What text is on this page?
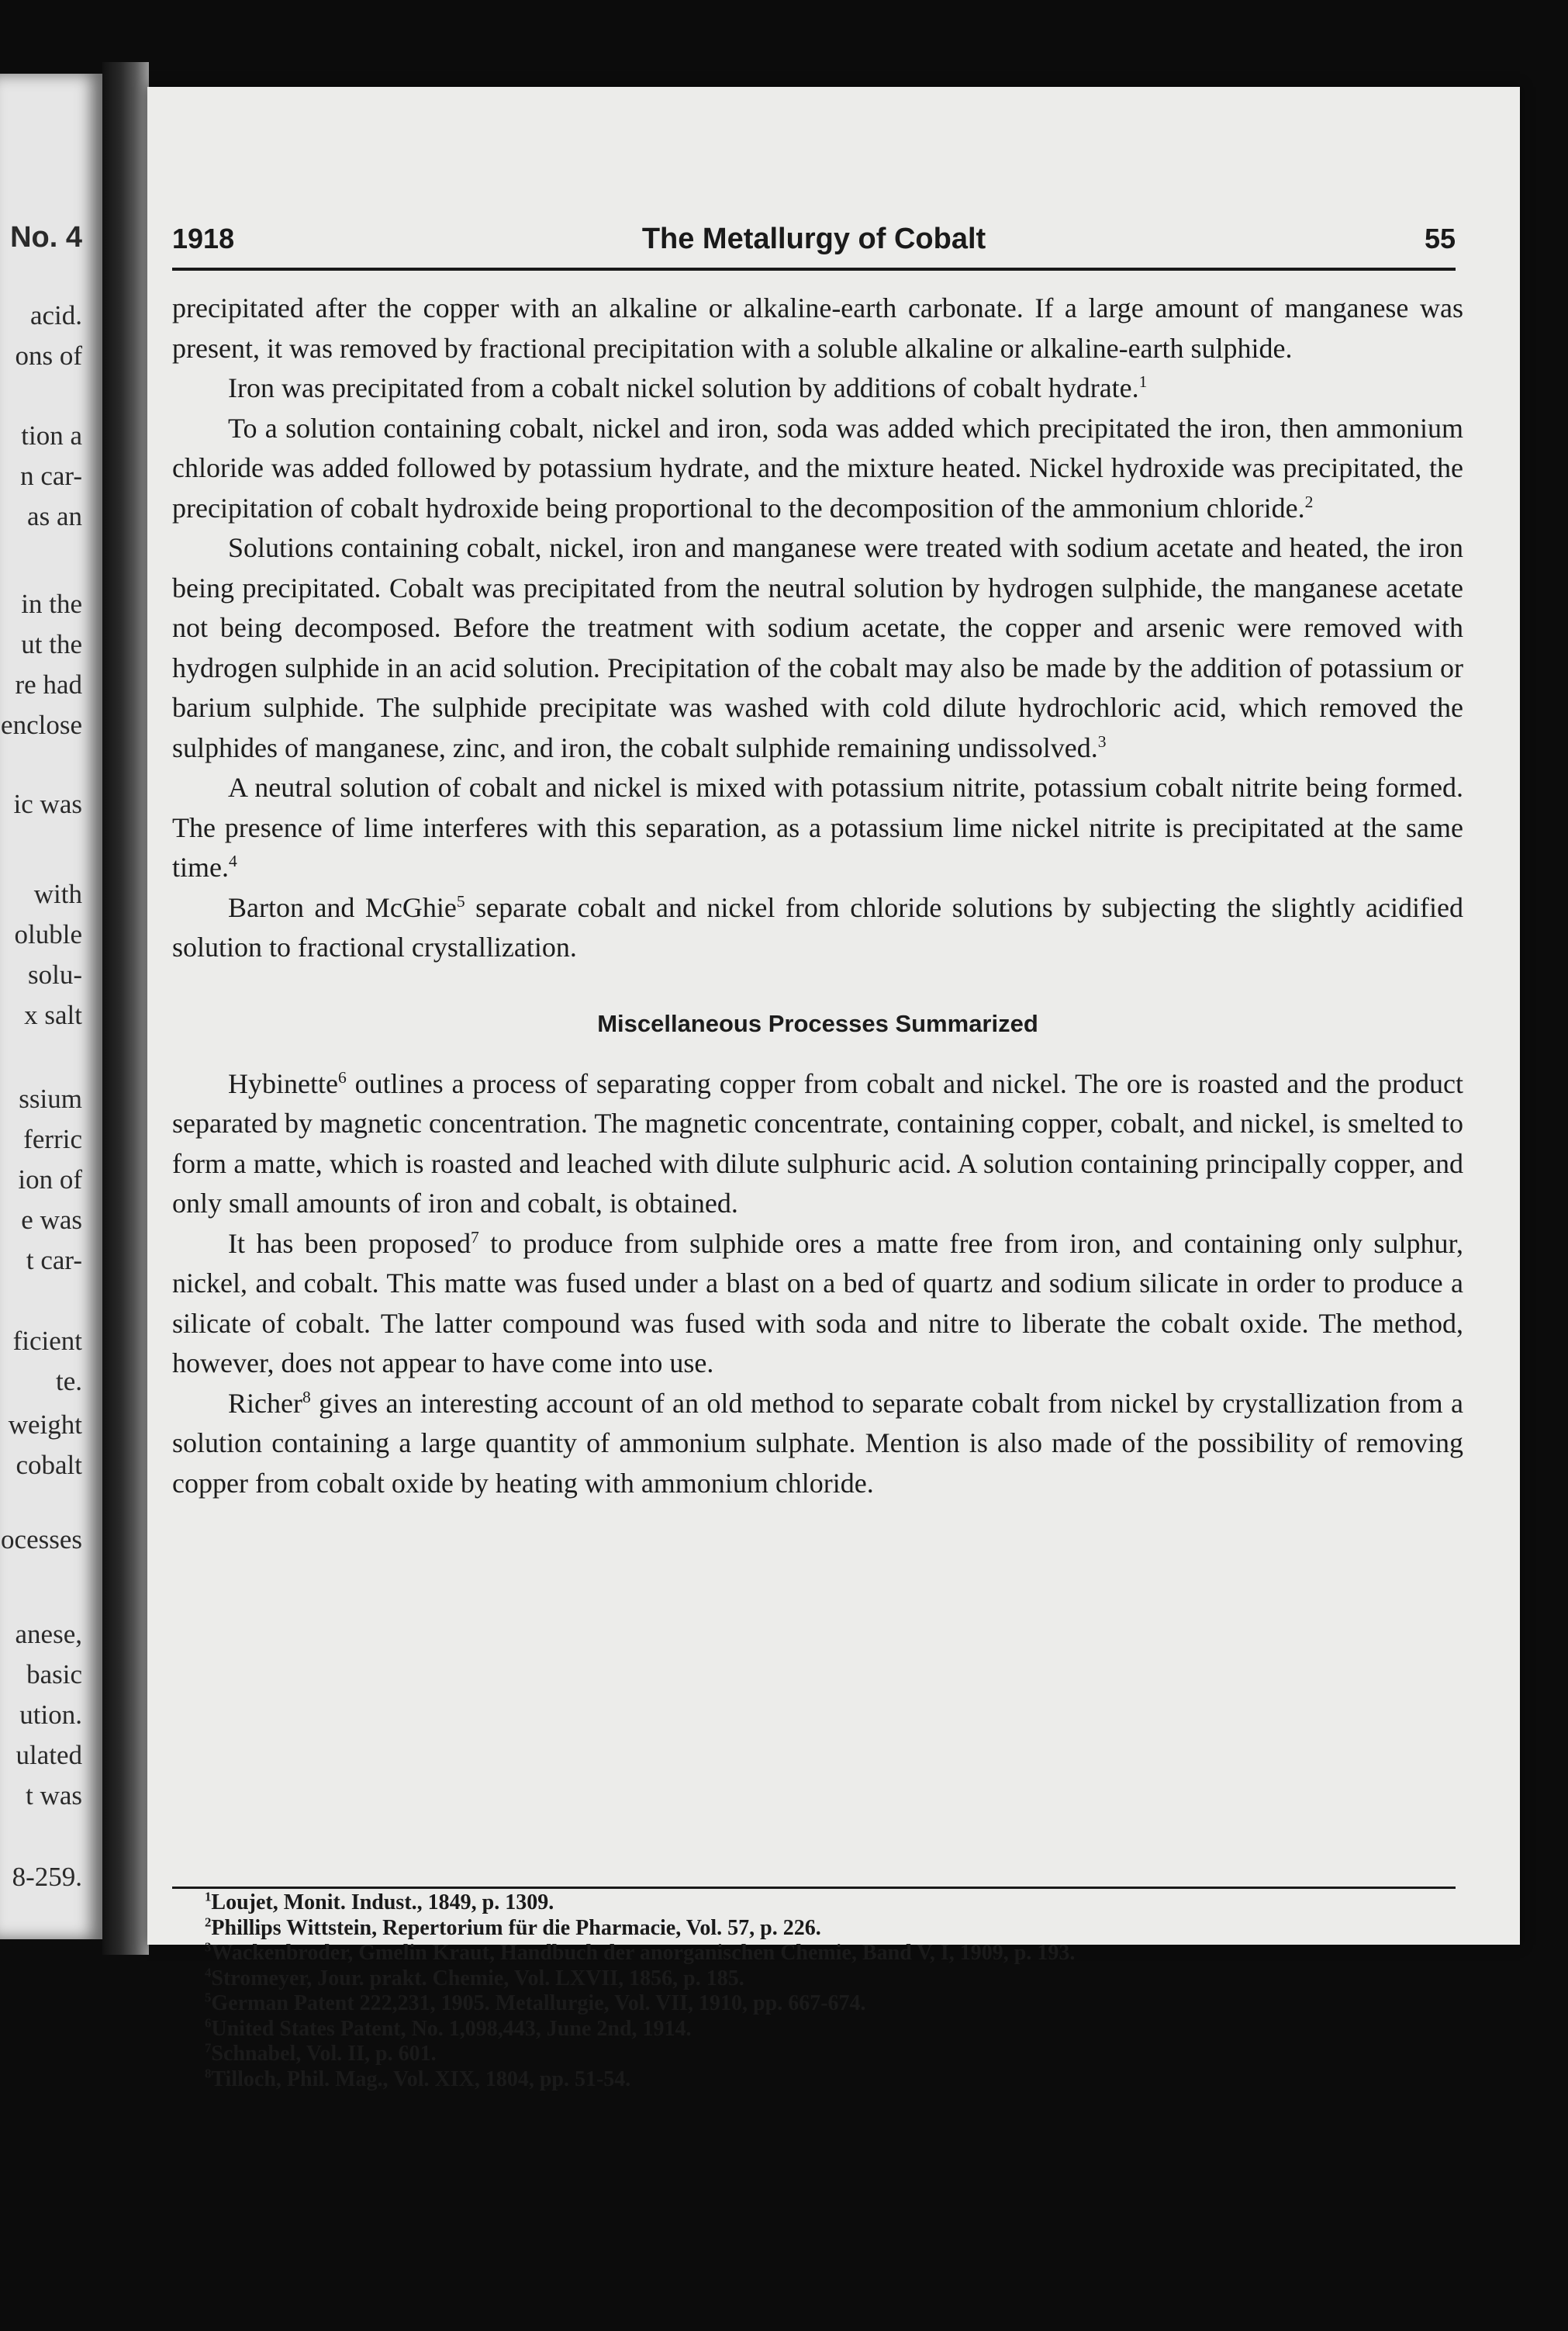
No. 4
acid.
ons of
tion a
n car-
as an
in the
ut the
re had
enclose
ic was
with
oluble
solu-
x salt
ssium
ferric
ion of
e was
t car-
ficient
te.
weight
cobalt
ocesses
anese,
basic
ution.
ulated
t was
8-259.
1918	The Metallurgy of Cobalt	55

precipitated after the copper with an alkaline or alkaline-earth carbonate. If a large amount of manganese was present, it was removed by fractional precipitation with a soluble alkaline or alkaline-earth sulphide.

Iron was precipitated from a cobalt nickel solution by additions of cobalt hydrate.$^1$

To a solution containing cobalt, nickel and iron, soda was added which precipitated the iron, then ammonium chloride was added followed by potassium hydrate, and the mixture heated. Nickel hydroxide was precipitated, the precipitation of cobalt hydroxide being proportional to the decomposition of the ammonium chloride.$^2$

Solutions containing cobalt, nickel, iron and manganese were treated with sodium acetate and heated, the iron being precipitated. Cobalt was precipitated from the neutral solution by hydrogen sulphide, the manganese acetate not being decomposed. Before the treatment with sodium acetate, the copper and arsenic were removed with hydrogen sulphide in an acid solution. Precipitation of the cobalt may also be made by the addition of potassium or barium sulphide. The sulphide precipitate was washed with cold dilute hydrochloric acid, which removed the sulphides of manganese, zinc, and iron, the cobalt sulphide remaining undissolved.$^3$

A neutral solution of cobalt and nickel is mixed with potassium nitrite, potassium cobalt nitrite being formed. The presence of lime interferes with this separation, as a potassium lime nickel nitrite is precipitated at the same time.$^4$

Barton and McGhie$^5$ separate cobalt and nickel from chloride solutions by subjecting the slightly acidified solution to fractional crystallization.

Miscellaneous Processes Summarized

Hybinette$^6$ outlines a process of separating copper from cobalt and nickel. The ore is roasted and the product separated by magnetic concentration. The magnetic concentrate, containing copper, cobalt, and nickel, is smelted to form a matte, which is roasted and leached with dilute sulphuric acid. A solution containing principally copper, and only small amounts of iron and cobalt, is obtained.

It has been proposed$^7$ to produce from sulphide ores a matte free from iron, and containing only sulphur, nickel, and cobalt. This matte was fused under a blast on a bed of quartz and sodium silicate in order to produce a silicate of cobalt. The latter compound was fused with soda and nitre to liberate the cobalt oxide. The method, however, does not appear to have come into use.

Richer$^8$ gives an interesting account of an old method to separate cobalt from nickel by crystallization from a solution containing a large quantity of ammonium sulphate. Mention is also made of the possibility of removing copper from cobalt oxide by heating with ammonium chloride.

$^1$Loujet, Monit. Indust., 1849, p. 1309.
$^2$Phillips Wittstein, Repertorium für die Pharmacie, Vol. 57, p. 226.
$^3$Wackenbroder, Gmelin Kraut, Handbuch der anorganischen Chemie, Band V, I, 1909, p. 193.
$^4$Stromeyer, Jour. prakt. Chemie, Vol. LXVII, 1856, p. 185.
$^5$German Patent 222,231, 1905. Metallurgie, Vol. VII, 1910, pp. 667-674.
$^6$United States Patent, No. 1,098,443, June 2nd, 1914.
$^7$Schnabel, Vol. II, p. 601.
$^8$Tilloch, Phil. Mag., Vol. XIX, 1804, pp. 51-54.
